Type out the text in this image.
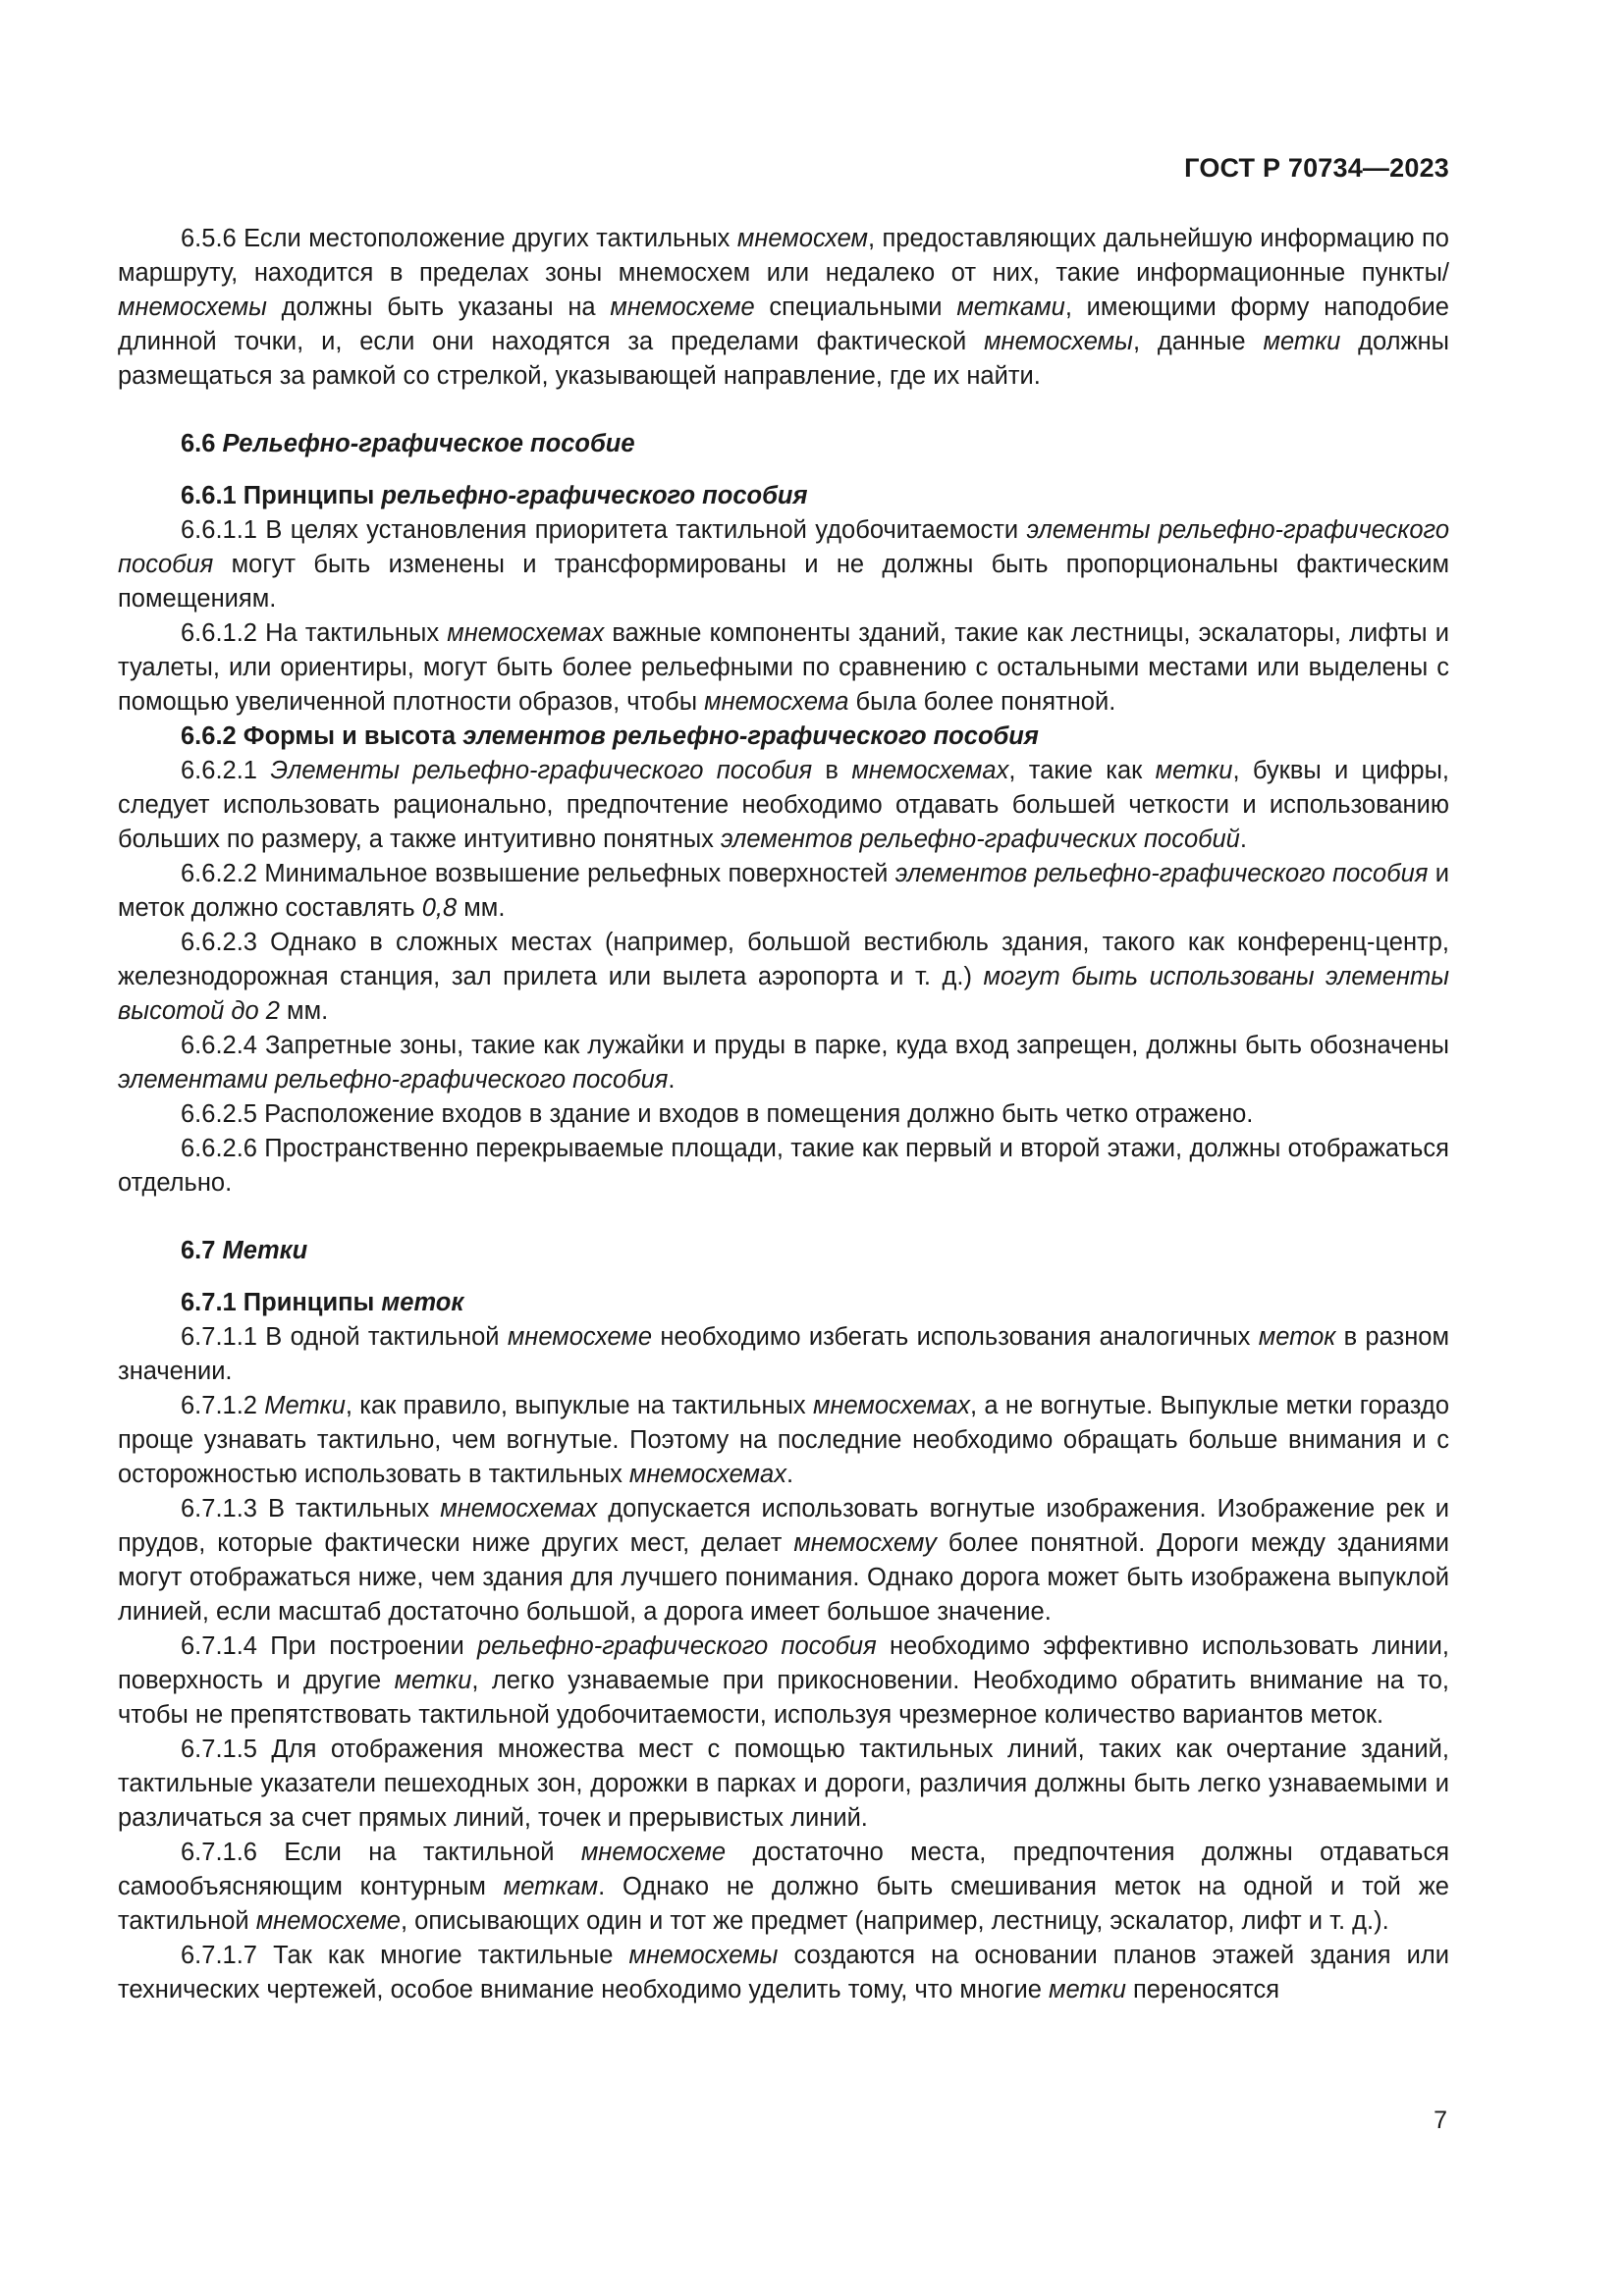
ГОСТ Р 70734—2023

6.5.6 Если местоположение других тактильных мнемосхем, предоставляющих дальнейшую информацию по маршруту, находится в пределах зоны мнемосхем или недалеко от них, такие информационные пункты/мнемосхемы должны быть указаны на мнемосхеме специальными метками, имеющими форму наподобие длинной точки, и, если они находятся за пределами фактической мнемосхемы, данные метки должны размещаться за рамкой со стрелкой, указывающей направление, где их найти.

6.6 Рельефно-графическое пособие

6.6.1 Принципы рельефно-графического пособия

6.6.1.1 В целях установления приоритета тактильной удобочитаемости элементы рельефно-графического пособия могут быть изменены и трансформированы и не должны быть пропорциональны фактическим помещениям.

6.6.1.2 На тактильных мнемосхемах важные компоненты зданий, такие как лестницы, эскалаторы, лифты и туалеты, или ориентиры, могут быть более рельефными по сравнению с остальными местами или выделены с помощью увеличенной плотности образов, чтобы мнемосхема была более понятной.

6.6.2 Формы и высота элементов рельефно-графического пособия

6.6.2.1 Элементы рельефно-графического пособия в мнемосхемах, такие как метки, буквы и цифры, следует использовать рационально, предпочтение необходимо отдавать большей четкости и использованию больших по размеру, а также интуитивно понятных элементов рельефно-графических пособий.

6.6.2.2 Минимальное возвышение рельефных поверхностей элементов рельефно-графического пособия и меток должно составлять 0,8 мм.

6.6.2.3 Однако в сложных местах (например, большой вестибюль здания, такого как конференц-центр, железнодорожная станция, зал прилета или вылета аэропорта и т. д.) могут быть использованы элементы высотой до 2 мм.

6.6.2.4 Запретные зоны, такие как лужайки и пруды в парке, куда вход запрещен, должны быть обозначены элементами рельефно-графического пособия.

6.6.2.5 Расположение входов в здание и входов в помещения должно быть четко отражено.

6.6.2.6 Пространственно перекрываемые площади, такие как первый и второй этажи, должны отображаться отдельно.

6.7 Метки

6.7.1 Принципы меток

6.7.1.1 В одной тактильной мнемосхеме необходимо избегать использования аналогичных меток в разном значении.

6.7.1.2 Метки, как правило, выпуклые на тактильных мнемосхемах, а не вогнутые. Выпуклые метки гораздо проще узнавать тактильно, чем вогнутые. Поэтому на последние необходимо обращать больше внимания и с осторожностью использовать в тактильных мнемосхемах.

6.7.1.3 В тактильных мнемосхемах допускается использовать вогнутые изображения. Изображение рек и прудов, которые фактически ниже других мест, делает мнемосхему более понятной. Дороги между зданиями могут отображаться ниже, чем здания для лучшего понимания. Однако дорога может быть изображена выпуклой линией, если масштаб достаточно большой, а дорога имеет большое значение.

6.7.1.4 При построении рельефно-графического пособия необходимо эффективно использовать линии, поверхность и другие метки, легко узнаваемые при прикосновении. Необходимо обратить внимание на то, чтобы не препятствовать тактильной удобочитаемости, используя чрезмерное количество вариантов меток.

6.7.1.5 Для отображения множества мест с помощью тактильных линий, таких как очертание зданий, тактильные указатели пешеходных зон, дорожки в парках и дороги, различия должны быть легко узнаваемыми и различаться за счет прямых линий, точек и прерывистых линий.

6.7.1.6 Если на тактильной мнемосхеме достаточно места, предпочтения должны отдаваться самообъясняющим контурным меткам. Однако не должно быть смешивания меток на одной и той же тактильной мнемосхеме, описывающих один и тот же предмет (например, лестницу, эскалатор, лифт и т. д.).

6.7.1.7 Так как многие тактильные мнемосхемы создаются на основании планов этажей здания или технических чертежей, особое внимание необходимо уделить тому, что многие метки переносятся

7
